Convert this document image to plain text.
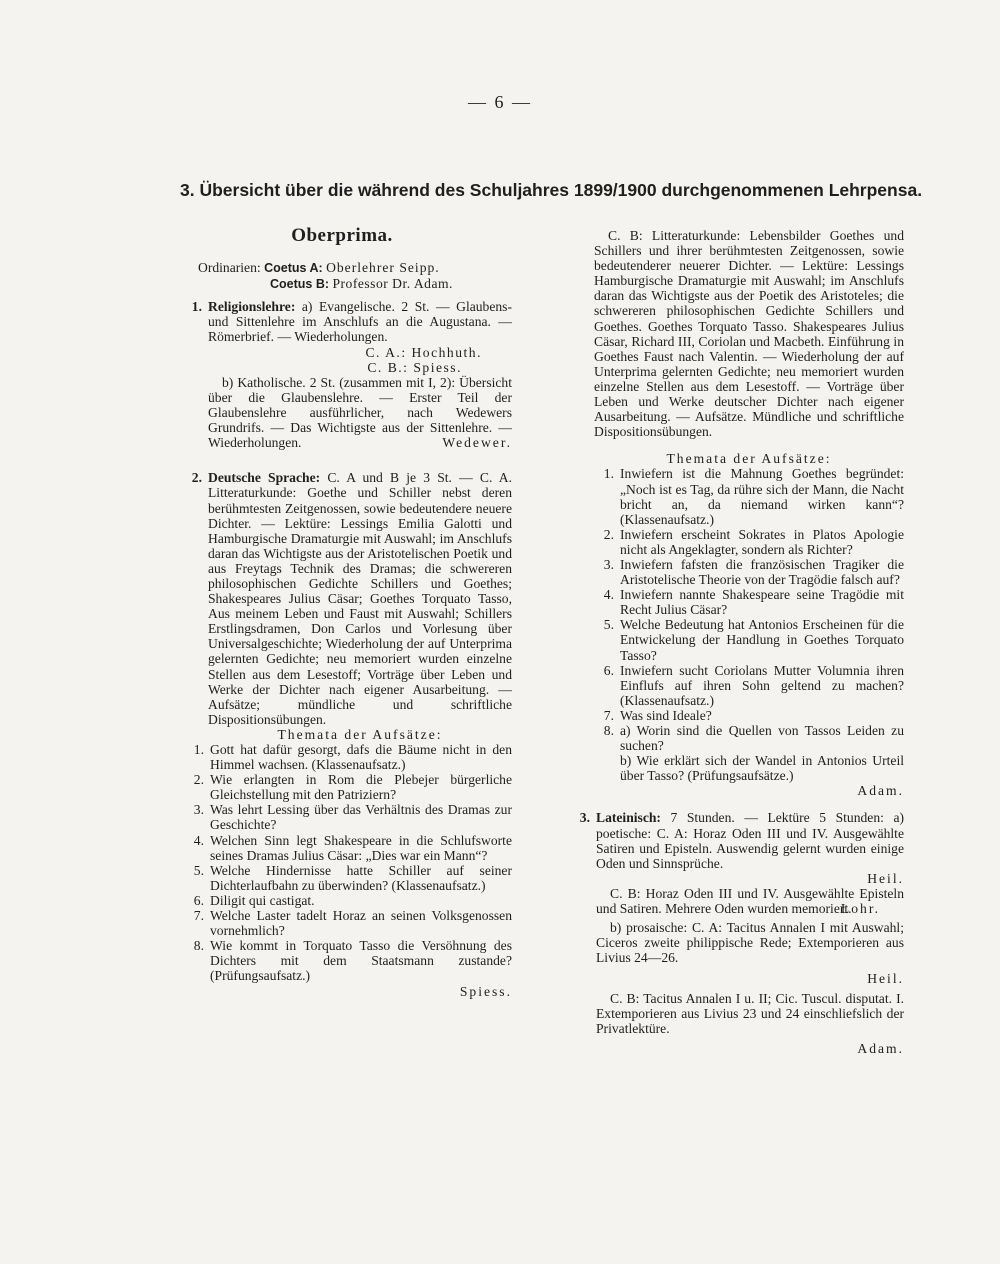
— 6 —
3. Übersicht über die während des Schuljahres 1899/1900 durchgenommenen Lehrpensa.
Oberprima.

Ordinarien: Coetus A: Oberlehrer Seipp.

Coetus B: Professor Dr. Adam.

1. Religionslehre: a) Evangelische. 2 St. — Glaubens- und Sittenlehre im Anschlufs an die Augustana. — Römerbrief. — Wiederholungen.

C. A.: Hochhuth.

C. B.: Spiess.

b) Katholische. 2 St. (zusammen mit I, 2): Übersicht über die Glaubenslehre. — Erster Teil der Glaubenslehre ausführlicher, nach Wedewers Grundrifs. — Das Wichtigste aus der Sittenlehre. — Wiederholungen.	Wedewer.

2. Deutsche Sprache: C. A und B je 3 St. — C. A. Litteraturkunde: Goethe und Schiller nebst deren berühmtesten Zeitgenossen, sowie bedeutendere neuere Dichter. — Lektüre: Lessings Emilia Galotti und Hamburgische Dramaturgie mit Auswahl; im Anschlufs daran das Wichtigste aus der Aristotelischen Poetik und aus Freytags Technik des Dramas; die schwereren philosophischen Gedichte Schillers und Goethes; Shakespeares Julius Cäsar; Goethes Torquato Tasso, Aus meinem Leben und Faust mit Auswahl; Schillers Erstlingsdramen, Don Carlos und Vorlesung über Universalgeschichte; Wiederholung der auf Unterprima gelernten Gedichte; neu memoriert wurden einzelne Stellen aus dem Lesestoff; Vorträge über Leben und Werke der Dichter nach eigener Ausarbeitung. — Aufsätze; mündliche und schriftliche Dispositionsübungen.

Themata der Aufsätze:

1. Gott hat dafür gesorgt, dafs die Bäume nicht in den Himmel wachsen. (Klassenaufsatz.)
2. Wie erlangten in Rom die Plebejer bürgerliche Gleichstellung mit den Patriziern?
3. Was lehrt Lessing über das Verhältnis des Dramas zur Geschichte?
4. Welchen Sinn legt Shakespeare in die Schlufsworte seines Dramas Julius Cäsar: „Dies war ein Mann“?
5. Welche Hindernisse hatte Schiller auf seiner Dichterlaufbahn zu überwinden? (Klassenaufsatz.)
6. Diligit qui castigat.
7. Welche Laster tadelt Horaz an seinen Volksgenossen vornehmlich?
8. Wie kommt in Torquato Tasso die Versöhnung des Dichters mit dem Staatsmann zustande? (Prüfungsaufsatz.)
Spiess.

C. B: Litteraturkunde: Lebensbilder Goethes und Schillers und ihrer berühmtesten Zeitgenossen, sowie bedeutenderer neuerer Dichter. — Lektüre: Lessings Hamburgische Dramaturgie mit Auswahl; im Anschlufs daran das Wichtigste aus der Poetik des Aristoteles; die schwereren philosophischen Gedichte Schillers und Goethes. Goethes Torquato Tasso. Shakespeares Julius Cäsar, Richard III, Coriolan und Macbeth. Einführung in Goethes Faust nach Valentin. — Wiederholung der auf Unterprima gelernten Gedichte; neu memoriert wurden einzelne Stellen aus dem Lesestoff. — Vorträge über Leben und Werke deutscher Dichter nach eigener Ausarbeitung. — Aufsätze. Mündliche und schriftliche Dispositionsübungen.

Themata der Aufsätze:

1. Inwiefern ist die Mahnung Goethes begründet: „Noch ist es Tag, da rühre sich der Mann, die Nacht bricht an, da niemand wirken kann“? (Klassenaufsatz.)
2. Inwiefern erscheint Sokrates in Platos Apologie nicht als Angeklagter, sondern als Richter?
3. Inwiefern fafsten die französischen Tragiker die Aristotelische Theorie von der Tragödie falsch auf?
4. Inwiefern nannte Shakespeare seine Tragödie mit Recht Julius Cäsar?
5. Welche Bedeutung hat Antonios Erscheinen für die Entwickelung der Handlung in Goethes Torquato Tasso?
6. Inwiefern sucht Coriolans Mutter Volumnia ihren Einflufs auf ihren Sohn geltend zu machen? (Klassenaufsatz.)
7. Was sind Ideale?
8. a) Worin sind die Quellen von Tassos Leiden zu suchen?
b) Wie erklärt sich der Wandel in Antonios Urteil über Tasso? (Prüfungsaufsätze.)
Adam.
3. Lateinisch: 7 Stunden. — Lektüre 5 Stunden: a) poetische: C. A: Horaz Oden III und IV. Ausgewählte Satiren und Episteln. Auswendig gelernt wurden einige Oden und Sinnsprüche.

Heil.

C. B: Horaz Oden III und IV. Ausgewählte Episteln und Satiren. Mehrere Oden wurden memoriert.

Lohr.

b) prosaische: C. A: Tacitus Annalen I mit Auswahl; Ciceros zweite philippische Rede; Extemporieren aus Livius 24—26.

Heil.

C. B: Tacitus Annalen I u. II; Cic. Tuscul. disputat. I. Extemporieren aus Livius 23 und 24 einschliefslich der Privatlektüre.

Adam.
